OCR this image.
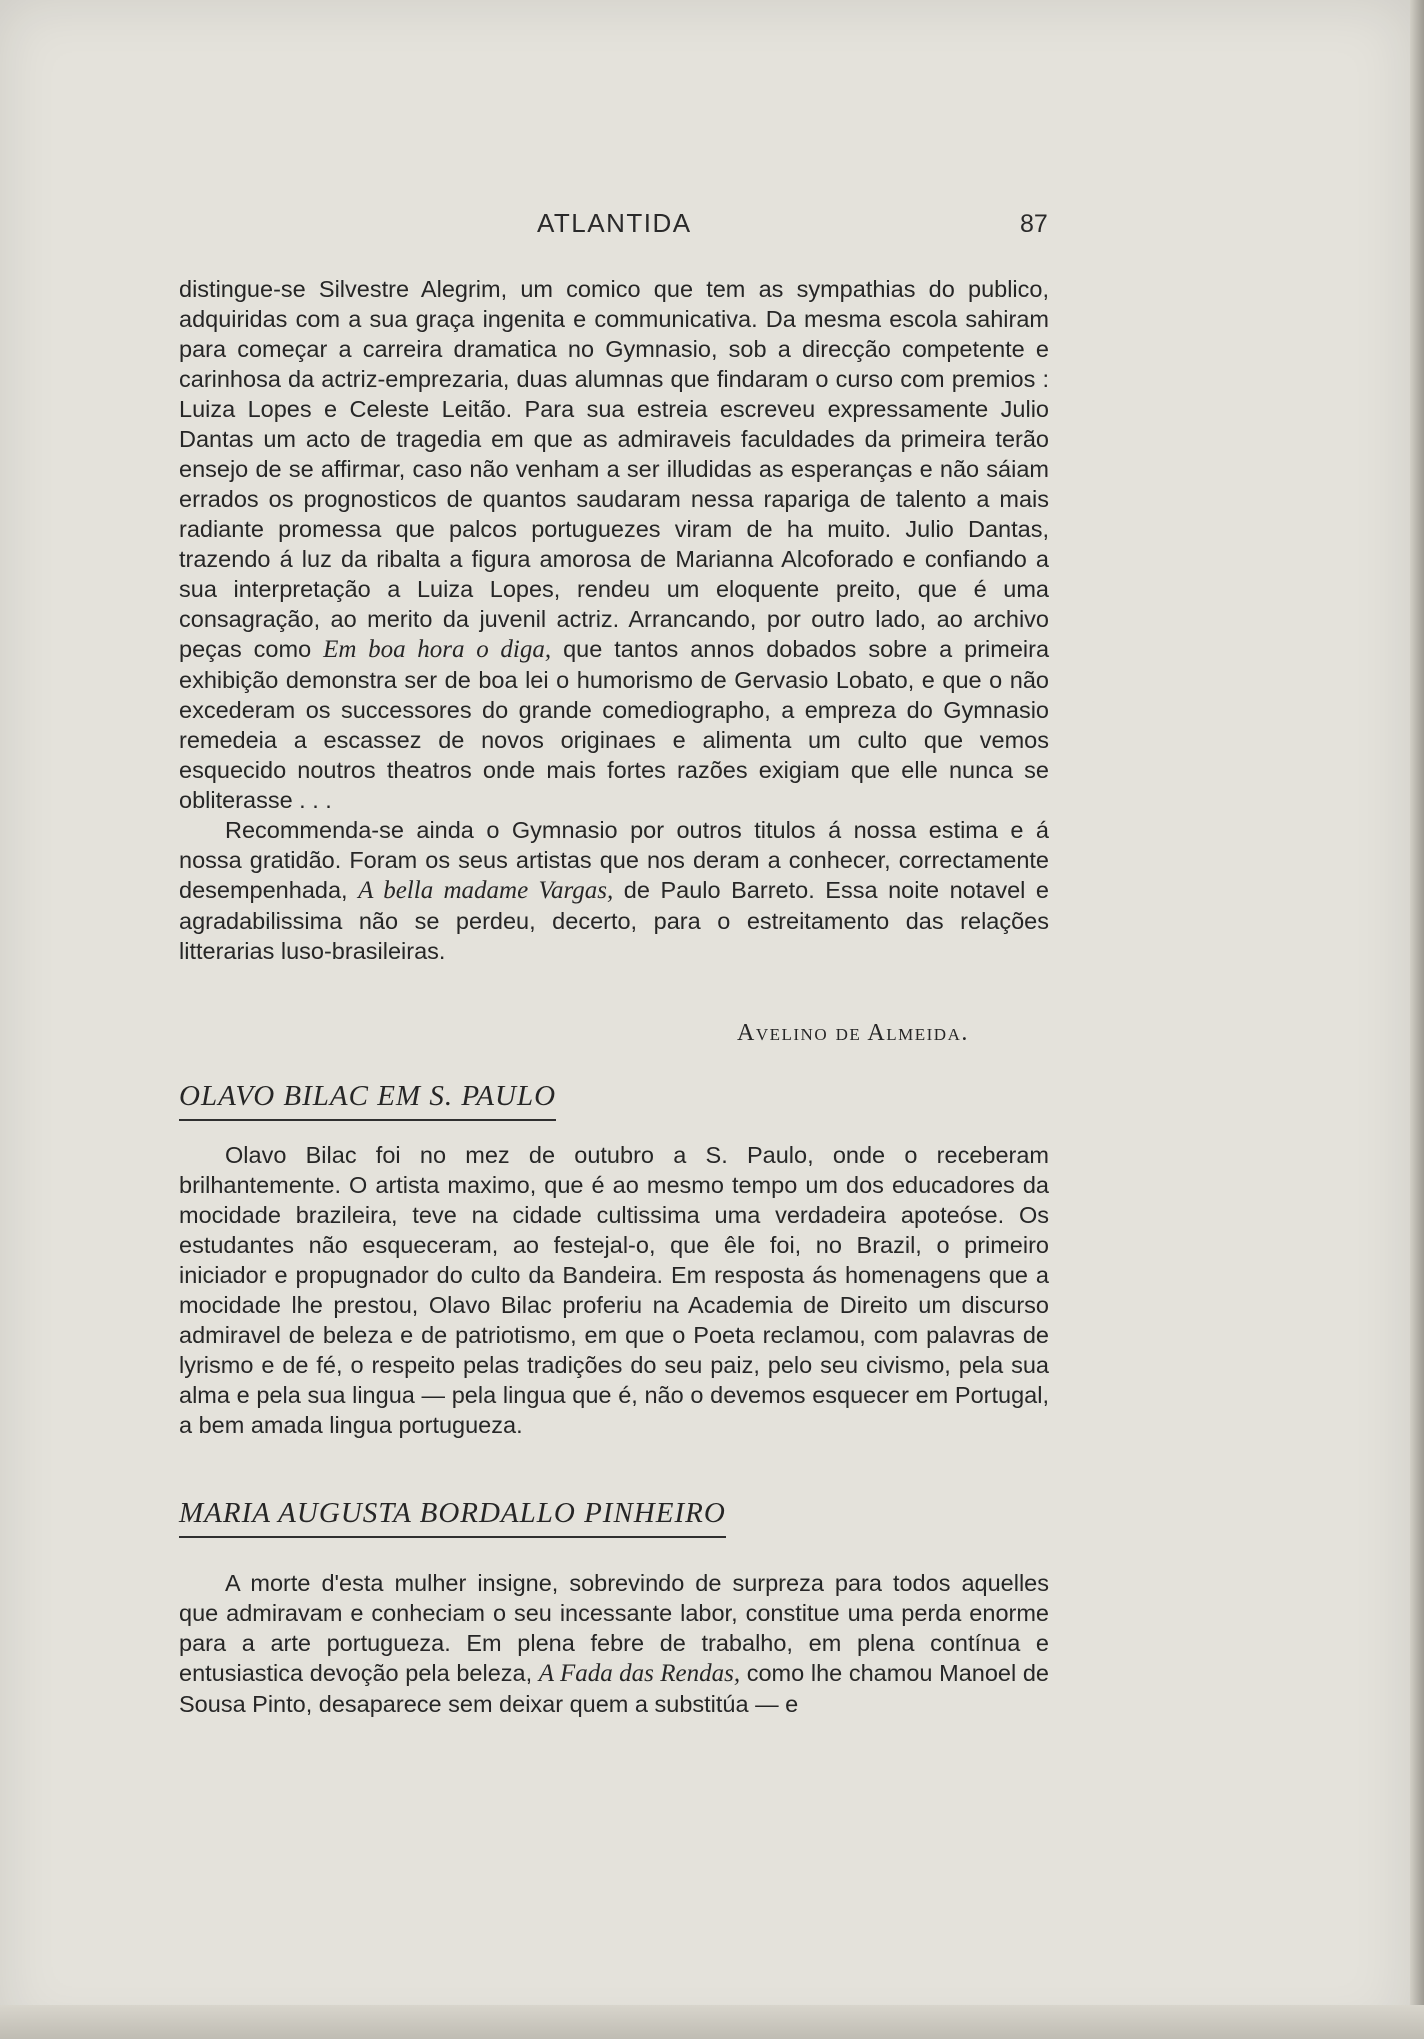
ATLANTIDA	87

distingue-se Silvestre Alegrim, um comico que tem as sympathias do publico, adquiridas com a sua graça ingenita e communicativa. Da mesma escola sahiram para começar a carreira dramatica no Gymnasio, sob a direcção competente e carinhosa da actriz-emprezaria, duas alumnas que findaram o curso com premios : Luiza Lopes e Celeste Leitão. Para sua estreia escreveu expressamente Julio Dantas um acto de tragedia em que as admiraveis faculdades da primeira terão ensejo de se affirmar, caso não venham a ser illudidas as esperanças e não sáiam errados os prognosticos de quantos saudaram nessa rapariga de talento a mais radiante promessa que palcos portuguezes viram de ha muito. Julio Dantas, trazendo á luz da ribalta a figura amorosa de Marianna Alcoforado e confiando a sua interpretação a Luiza Lopes, rendeu um eloquente preito, que é uma consagração, ao merito da juvenil actriz. Arrancando, por outro lado, ao archivo peças como Em boa hora o diga, que tantos annos dobados sobre a primeira exhibição demonstra ser de boa lei o humorismo de Gervasio Lobato, e que o não excederam os successores do grande comediographo, a empreza do Gymnasio remedeia a escassez de novos originaes e alimenta um culto que vemos esquecido noutros theatros onde mais fortes razões exigiam que elle nunca se obliterasse . . .

Recommenda-se ainda o Gymnasio por outros titulos á nossa estima e á nossa gratidão. Foram os seus artistas que nos deram a conhecer, correctamente desempenhada, A bella madame Vargas, de Paulo Barreto. Essa noite notavel e agradabilissima não se perdeu, decerto, para o estreitamento das relações litterarias luso-brasileiras.

Avelino de Almeida.
OLAVO BILAC EM S. PAULO

Olavo Bilac foi no mez de outubro a S. Paulo, onde o receberam brilhantemente. O artista maximo, que é ao mesmo tempo um dos educadores da mocidade brazileira, teve na cidade cultissima uma verdadeira apoteóse. Os estudantes não esqueceram, ao festejal-o, que êle foi, no Brazil, o primeiro iniciador e propugnador do culto da Bandeira. Em resposta ás homenagens que a mocidade lhe prestou, Olavo Bilac proferiu na Academia de Direito um discurso admiravel de beleza e de patriotismo, em que o Poeta reclamou, com palavras de lyrismo e de fé, o respeito pelas tradições do seu paiz, pelo seu civismo, pela sua alma e pela sua lingua — pela lingua que é, não o devemos esquecer em Portugal, a bem amada lingua portugueza.

MARIA AUGUSTA BORDALLO PINHEIRO

A morte d'esta mulher insigne, sobrevindo de surpreza para todos aquelles que admiravam e conheciam o seu incessante labor, constitue uma perda enorme para a arte portugueza. Em plena febre de trabalho, em plena contínua e entusiastica devoção pela beleza, A Fada das Rendas, como lhe chamou Manoel de Sousa Pinto, desaparece sem deixar quem a substitúa — e
